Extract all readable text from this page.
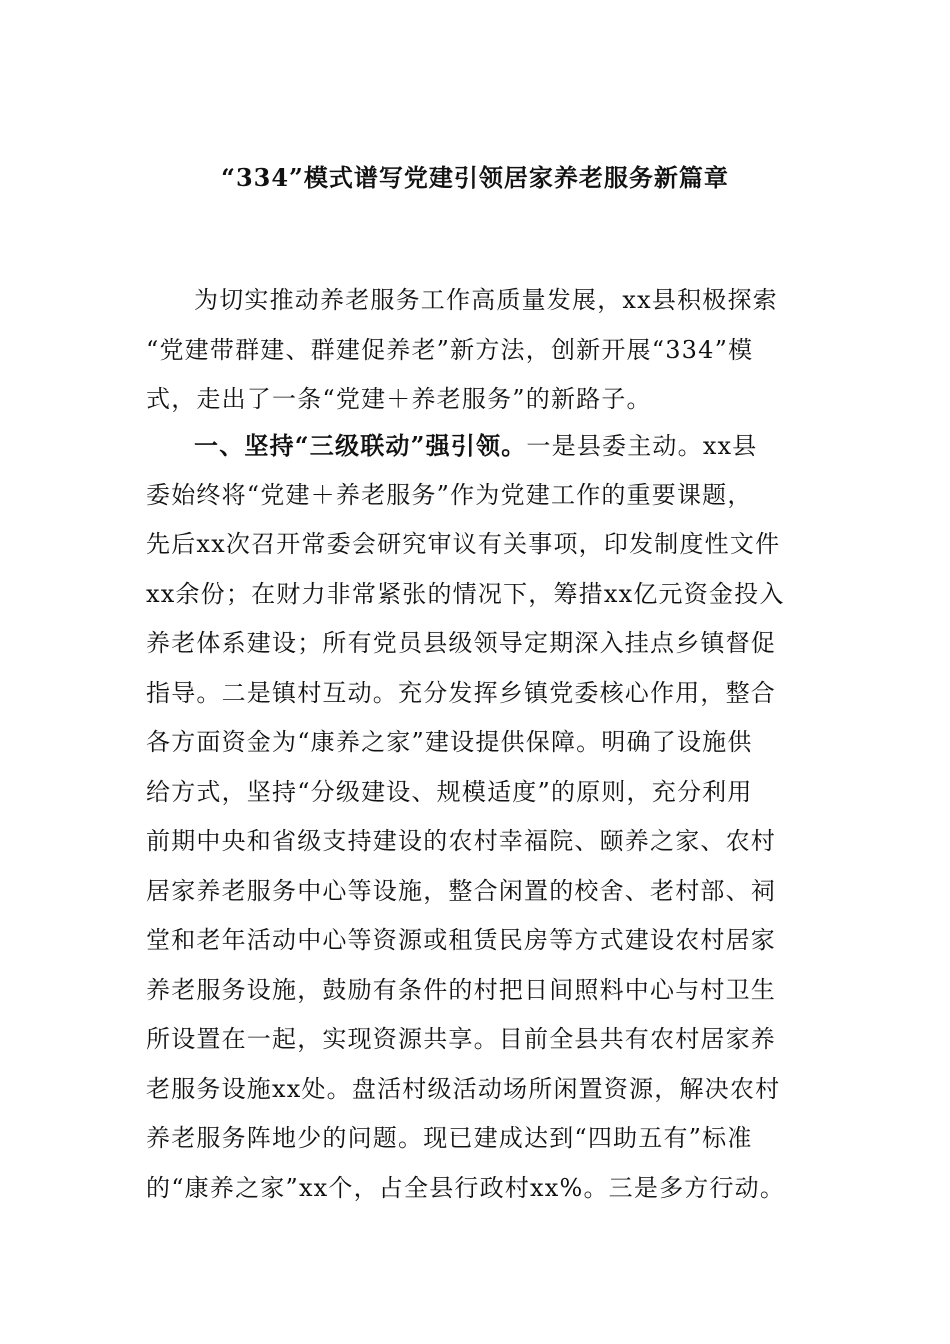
“334”模式谱写党建引领居家养老服务新篇章
为切实推动养老服务工作高质量发展，xx县积极探索
“党建带群建、群建促养老”新方法，创新开展“334”模
式，走出了一条“党建＋养老服务”的新路子。
一、坚持“三级联动”强引领。一是县委主动。xx县
委始终将“党建＋养老服务”作为党建工作的重要课题，
先后xx次召开常委会研究审议有关事项，印发制度性文件
xx余份；在财力非常紧张的情况下，筹措xx亿元资金投入
养老体系建设；所有党员县级领导定期深入挂点乡镇督促
指导。二是镇村互动。充分发挥乡镇党委核心作用，整合
各方面资金为“康养之家”建设提供保障。明确了设施供
给方式，坚持“分级建设、规模适度”的原则，充分利用
前期中央和省级支持建设的农村幸福院、颐养之家、农村
居家养老服务中心等设施，整合闲置的校舍、老村部、祠
堂和老年活动中心等资源或租赁民房等方式建设农村居家
养老服务设施，鼓励有条件的村把日间照料中心与村卫生
所设置在一起，实现资源共享。目前全县共有农村居家养
老服务设施xx处。盘活村级活动场所闲置资源，解决农村
养老服务阵地少的问题。现已建成达到“四助五有”标准
的“康养之家”xx个，占全县行政村xx%。三是多方行动。
